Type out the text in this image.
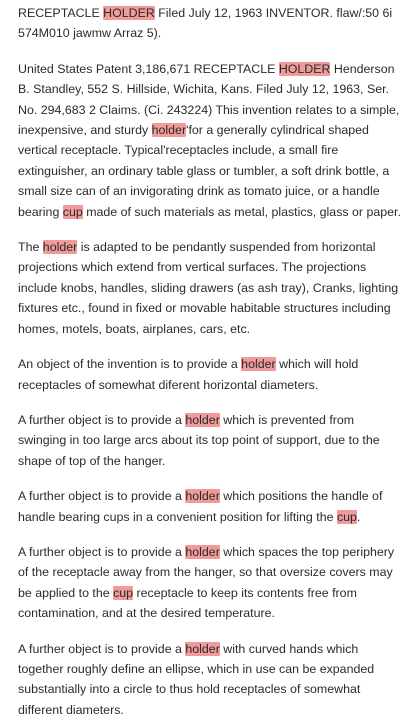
RECEPTACLE HOLDER Filed July 12, 1963 INVENTOR. flaw/:50 6i 574M010 jawmw Arraz 5).

United States Patent 3,186,671 RECEPTACLE HOLDER Henderson B. Standley, 552 S. Hillside, Wichita, Kans. Filed July 12, 1963, Ser. No. 294,683 2 Claims. (Ci. 243224) This invention relates to a simple, inexpensive, and sturdy holder'for a generally cylindrical shaped vertical receptacle. Typical'receptacles include, a small fire extinguisher, an ordinary table glass or tumbler, a soft drink bottle, a small size can of an invigorating drink as tomato juice, or a handle bearing cup made of such materials as metal, plastics, glass or paper.

The holder is adapted to be pendantly suspended from horizontal projections which extend from vertical surfaces. The projections include knobs, handles, sliding drawers (as ash tray), Cranks, lighting fixtures etc., found in fixed or movable habitable structures including homes, motels, boats, airplanes, cars, etc.

An object of the invention is to provide a holder which will hold receptacles of somewhat diferent horizontal diameters.

A further object is to provide a holder which is prevented from swinging in too large arcs about its top point of support, due to the shape of top of the hanger.

A further object is to provide a holder which positions the handle of handle bearing cups in a convenient position for lifting the cup.

A further object is to provide a holder which spaces the top periphery of the receptacle away from the hanger, so that oversize covers may be applied to the cup receptacle to keep its contents free from contamination, and at the desired temperature.

A further object is to provide a holder with curved hands which together roughly define an ellipse, which in use can be expanded substantially into a circle to thus hold receptacles of somewhat different diameters.
